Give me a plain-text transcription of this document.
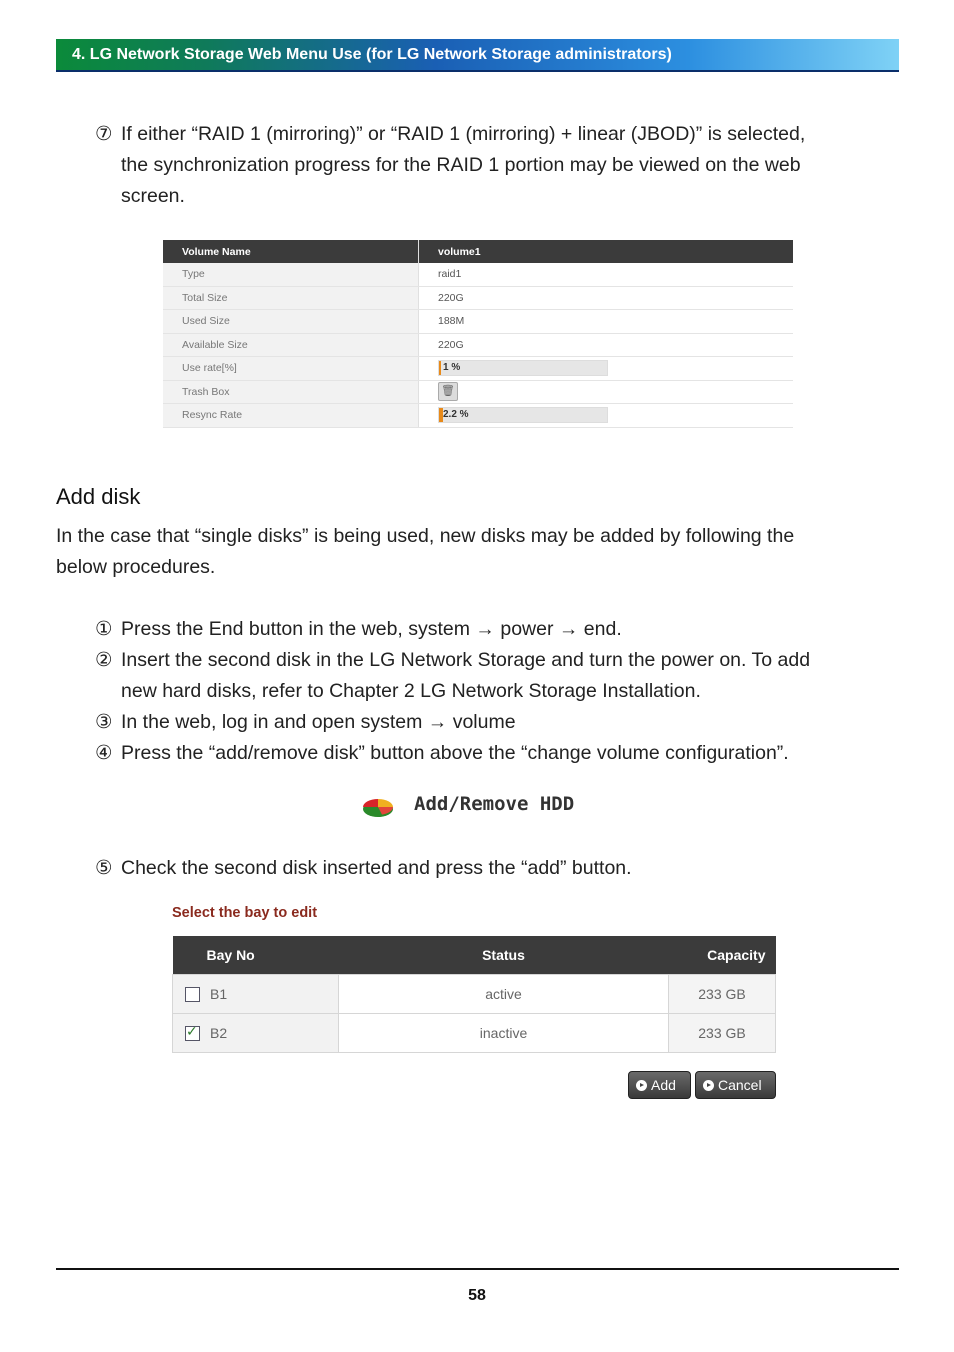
4. LG Network Storage Web Menu Use (for LG Network Storage administrators)
⑦ If either “RAID 1 (mirroring)” or “RAID 1 (mirroring) + linear (JBOD)” is selected,
the synchronization progress for the RAID 1 portion may be viewed on the web
screen.
Volume Name	volume1
Type	raid1
Total Size	220G
Used Size	188M
Available Size	220G
Use rate[%]	1 %

Trash Box	🗑
Resync Rate	2.2 %
Add disk
In the case that “single disks” is being used, new disks may be added by following the
below procedures.
① Press the End button in the web, system → power → end.
② Insert the second disk in the LG Network Storage and turn the power on. To add
new hard disks, refer to Chapter 2 LG Network Storage Installation.
③ In the web, log in and open system → volume
④ Press the “add/remove disk” button above the “change volume configuration”.
Add/Remove HDD
⑤ Check the second disk inserted and press the “add” button.
Select the bay to edit
Bay No	Status	Capacity
B1	active	233 GB
✓B2	inactive	233 GB
Add	Cancel
58
